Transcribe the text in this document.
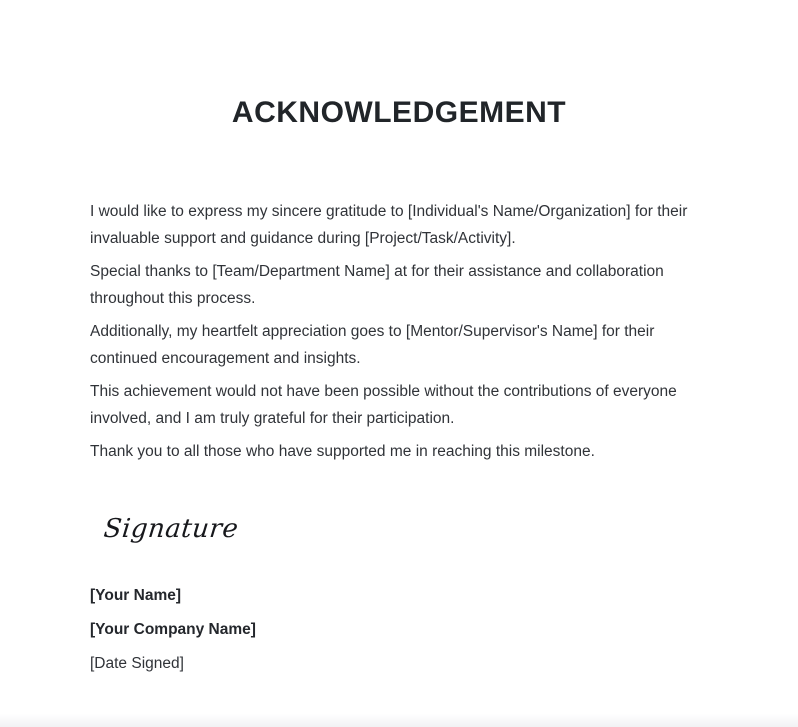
ACKNOWLEDGEMENT

I would like to express my sincere gratitude to [Individual's Name/Organization] for their invaluable support and guidance during [Project/Task/Activity].

Special thanks to [Team/Department Name] at for their assistance and collaboration throughout this process.

Additionally, my heartfelt appreciation goes to [Mentor/Supervisor's Name] for their continued encouragement and insights.

This achievement would not have been possible without the contributions of everyone involved, and I am truly grateful for their participation.

Thank you to all those who have supported me in reaching this milestone.

Signature

[Your Name]

[Your Company Name]

[Date Signed]
